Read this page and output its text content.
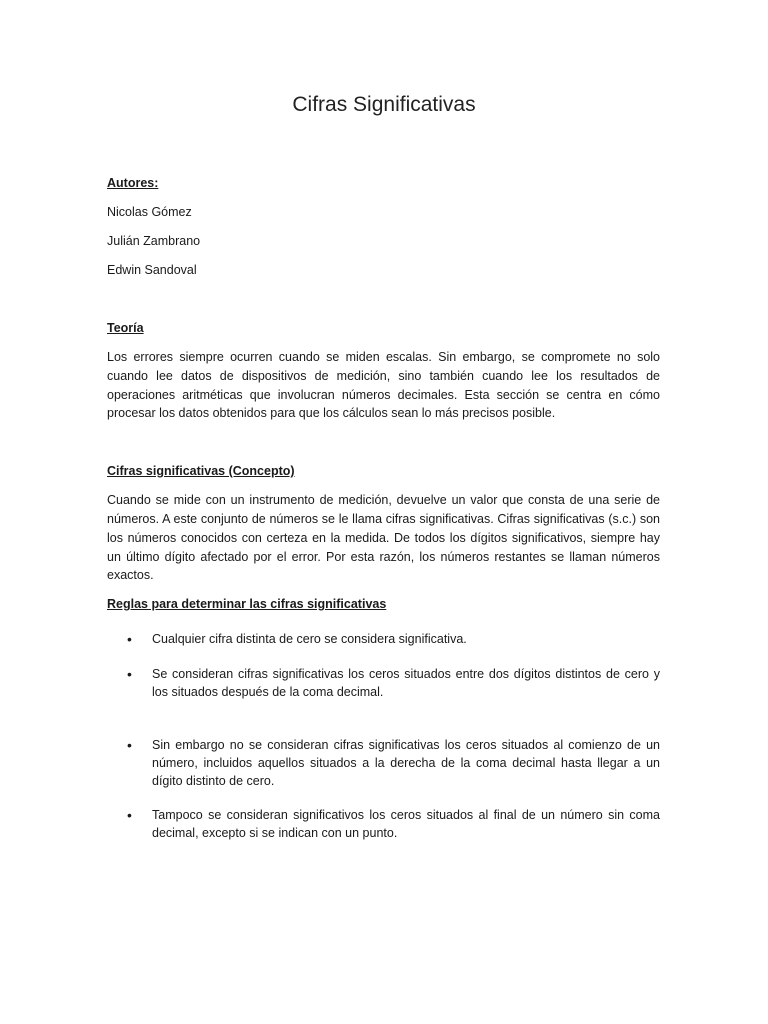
Cifras Significativas

Autores:

Nicolas Gómez

Julián Zambrano

Edwin Sandoval

Teoría

Los errores siempre ocurren cuando se miden escalas. Sin embargo, se compromete no solo cuando lee datos de dispositivos de medición, sino también cuando lee los resultados de operaciones aritméticas que involucran números decimales. Esta sección se centra en cómo procesar los datos obtenidos para que los cálculos sean lo más precisos posible.

Cifras significativas (Concepto)

Cuando se mide con un instrumento de medición, devuelve un valor que consta de una serie de números. A este conjunto de números se le llama cifras significativas. Cifras significativas (s.c.) son los números conocidos con certeza en la medida. De todos los dígitos significativos, siempre hay un último dígito afectado por el error. Por esta razón, los números restantes se llaman números exactos.

Reglas para determinar las cifras significativas

• Cualquier cifra distinta de cero se considera significativa.
• Se consideran cifras significativas los ceros situados entre dos dígitos distintos de cero y los situados después de la coma decimal.
• Sin embargo no se consideran cifras significativas los ceros situados al comienzo de un número, incluidos aquellos situados a la derecha de la coma decimal hasta llegar a un dígito distinto de cero.
• Tampoco se consideran significativos los ceros situados al final de un número sin coma decimal, excepto si se indican con un punto.
